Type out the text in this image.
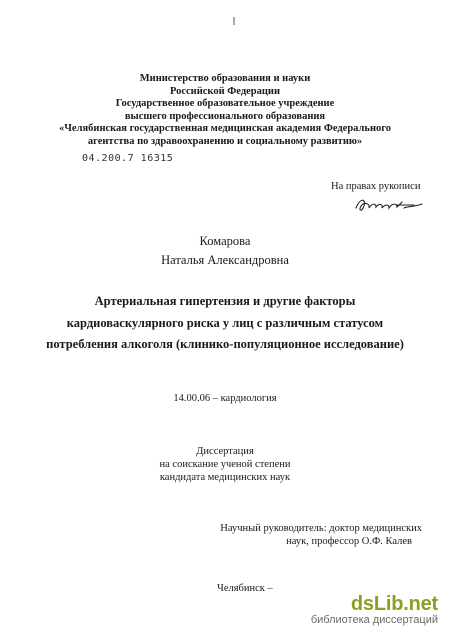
Министерство образования и науки
Российской Федерации
Государственное образовательное учреждение
высшего профессионального образования
«Челябинская государственная медицинская академия Федерального
агентства по здравоохранению и социальному развитию»
04.200.7 16315
На правах рукописи
Комарова
Наталья Александровна
Артериальная гипертензия и другие факторы
кардиоваскулярного риска у лиц с различным статусом
потребления алкоголя (клинико-популяционное исследование)
14.00.06 – кардиология
Диссертация
на соискание ученой степени
кандидата медицинских наук
Научный руководитель: доктор медицинских
наук, профессор О.Ф. Калев
Челябинск –
dsLib.net
библиотека диссертаций
